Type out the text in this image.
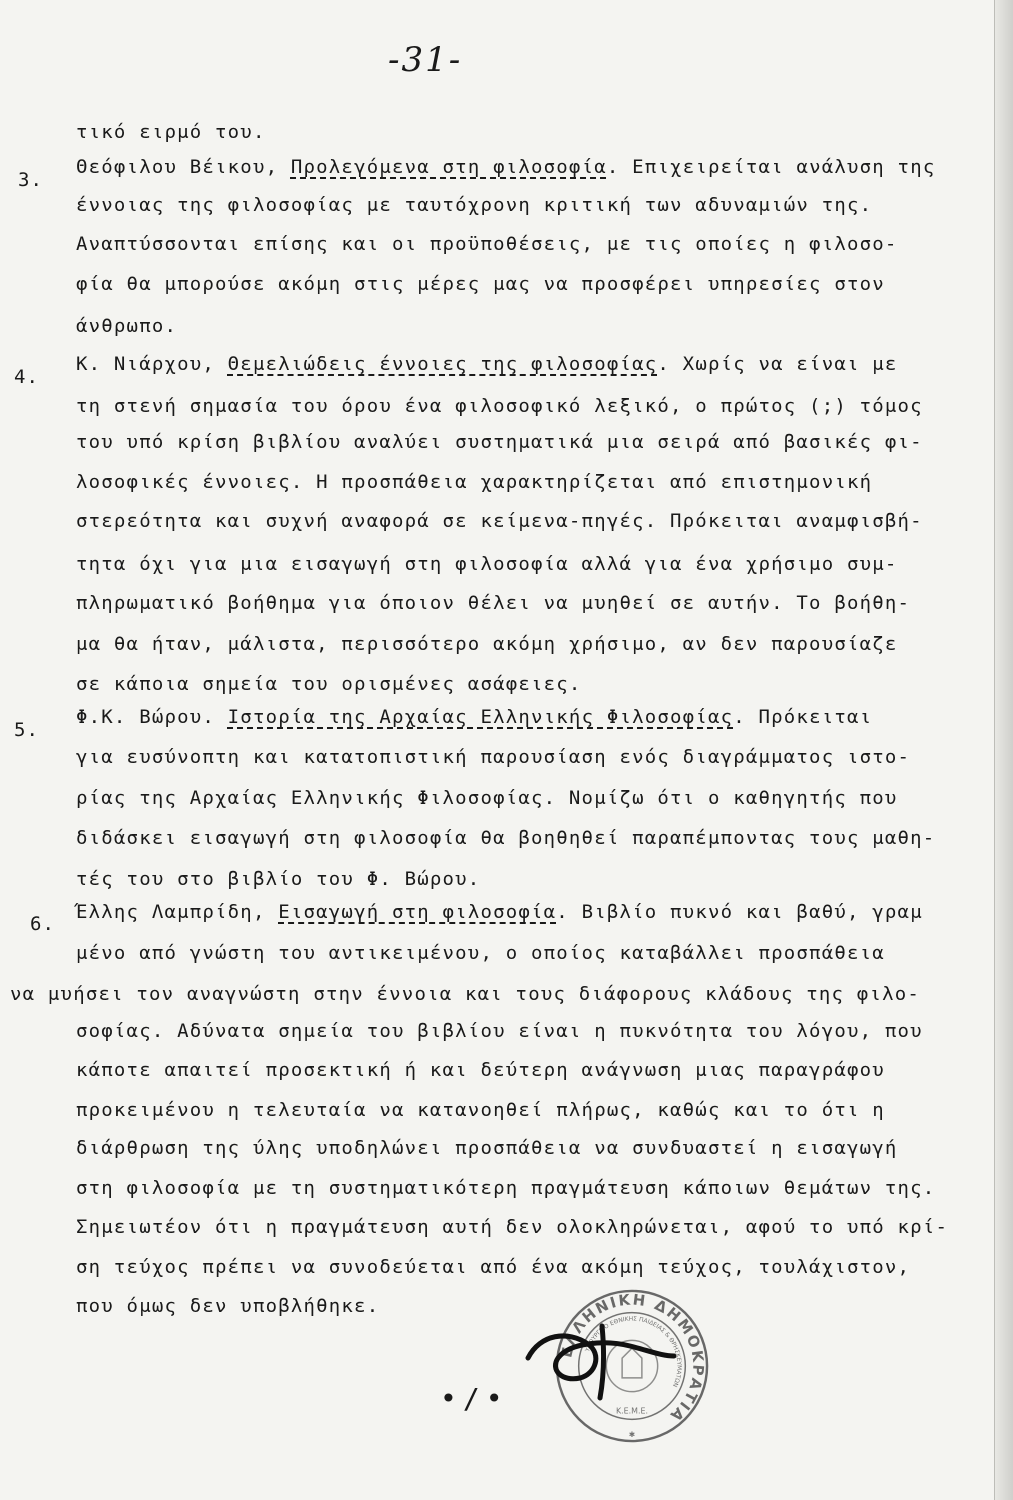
-31-
τικό ειρμό του.
3.
Θεόφιλου Βέικου, Προλεγόμενα στη φιλοσοφία. Επιχειρείται ανάλυση της
έννοιας της φιλοσοφίας με ταυτόχρονη κριτική των αδυναμιών της.
Αναπτύσσονται επίσης και οι προϋποθέσεις, με τις οποίες η φιλοσο-
φία θα μπορούσε ακόμη στις μέρες μας να προσφέρει υπηρεσίες στον
άνθρωπο.
4.
Κ. Νιάρχου, Θεμελιώδεις έννοιες της φιλοσοφίας. Χωρίς να είναι με
τη στενή σημασία του όρου ένα φιλοσοφικό λεξικό, ο πρώτος (;) τόμος
του υπό κρίση βιβλίου αναλύει συστηματικά μια σειρά από βασικές φι-
λοσοφικές έννοιες. Η προσπάθεια χαρακτηρίζεται από επιστημονική
στερεότητα και συχνή αναφορά σε κείμενα-πηγές. Πρόκειται αναμφισβή-
τητα όχι για μια εισαγωγή στη φιλοσοφία αλλά για ένα χρήσιμο συμ-
πληρωματικό βοήθημα για όποιον θέλει να μυηθεί σε αυτήν. Το βοήθη-
μα θα ήταν, μάλιστα, περισσότερο ακόμη χρήσιμο, αν δεν παρουσίαζε
σε κάποια σημεία του ορισμένες ασάφειες.
5.
Φ.Κ. Βώρου. Ιστορία της Αρχαίας Ελληνικής Φιλοσοφίας. Πρόκειται
για ευσύνοπτη και κατατοπιστική παρουσίαση ενός διαγράμματος ιστο-
ρίας της Αρχαίας Ελληνικής Φιλοσοφίας. Νομίζω ότι ο καθηγητής που
διδάσκει εισαγωγή στη φιλοσοφία θα βοηθηθεί παραπέμποντας τους μαθη-
τές του στο βιβλίο του Φ. Βώρου.
6.
Έλλης Λαμπρίδη, Εισαγωγή στη φιλοσοφία. Βιβλίο πυκνό και βαθύ, γραμ
μένο από γνώστη του αντικειμένου, ο οποίος καταβάλλει προσπάθεια
να μυήσει τον αναγνώστη στην έννοια και τους διάφορους κλάδους της φιλο-
σοφίας. Αδύνατα σημεία του βιβλίου είναι η πυκνότητα του λόγου, που
κάποτε απαιτεί προσεκτική ή και δεύτερη ανάγνωση μιας παραγράφου
προκειμένου η τελευταία να κατανοηθεί πλήρως, καθώς και το ότι η
διάρθρωση της ύλης υποδηλώνει προσπάθεια να συνδυαστεί η εισαγωγή
στη φιλοσοφία με τη συστηματικότερη πραγμάτευση κάποιων θεμάτων της.
Σημειωτέον ότι η πραγμάτευση αυτή δεν ολοκληρώνεται, αφού το υπό κρί-
ση τεύχος πρέπει να συνοδεύεται από ένα ακόμη τεύχος, τουλάχιστον,
που όμως δεν υποβλήθηκε.
ΕΛΛΗΝΙΚΗ ΔΗΜΟΚΡΑΤΙΑ
ΥΠΟΥΡΓΕΙΟ ΕΘΝΙΚΗΣ ΠΑΙΔΕΙΑΣ & ΘΡΗΣΚΕΥΜΑΤΩΝ
Κ.Ε.Μ.Ε.
✱
•/•
